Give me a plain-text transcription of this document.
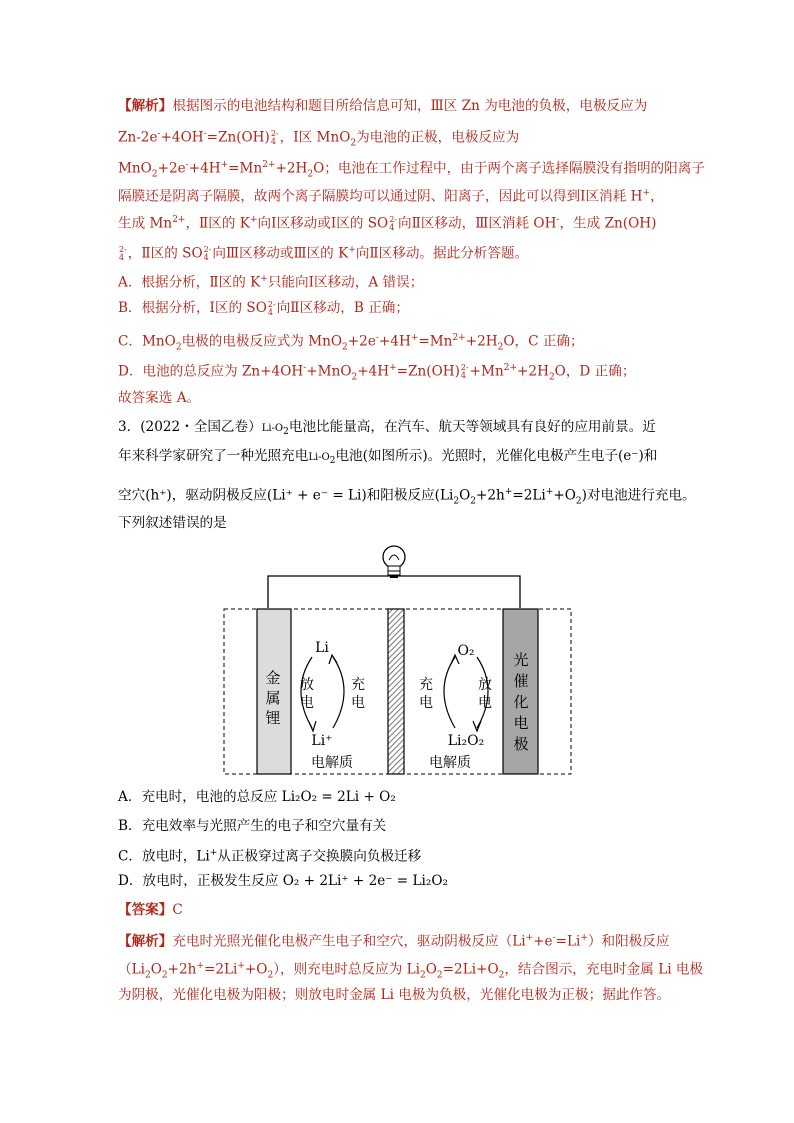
【解析】根据图示的电池结构和题目所给信息可知，Ⅲ区 Zn 为电池的负极，电极反应为
Zn-2e-+4OH-=Zn(OH) 2-
4 ，Ⅰ区 MnO$_2$为电池的正极，电极反应为
$MnO_2+2e^-+4H^+=Mn^{2+}+2H_2O$；电池在工作过程中，由于两个离子选择隔膜没有指明的阳离子
隔膜还是阴离子隔膜，故两个离子隔膜均可以通过阴、阳离子，因此可以得到Ⅰ区消耗 H+，
生成 $Mn^{2+}$，Ⅱ区的 K+向Ⅰ区移动或Ⅰ区的 SO 2-
4 向Ⅱ区移动，Ⅲ区消耗 OH-，生成 Zn(OH)
2-
4 ，Ⅱ区的 SO 2-
4 向Ⅲ区移动或Ⅲ区的 K+向Ⅱ区移动。据此分析答题。
A．根据分析，Ⅱ区的 K+只能向Ⅰ区移动，A 错误；
B．根据分析，Ⅰ区的 SO 2-
4 向Ⅱ区移动，B 正确；
C．MnO$_2$电极的电极反应式为 $MnO_2+2e^-+4H^+=Mn^{2+}+2H_2O$，C 正确；
D．电池的总反应为 Zn+4OH-+MnO$_2$+4H+=Zn(OH) 2-
$4 +Mn^{2+}+2H_2O$，D 正确；
故答案选 A。
3．(2022・全国乙卷）$Li-O_2$电池比能量高，在汽车、航天等领域具有良好的应用前景。近
年来科学家研究了一种光照充电$Li-O_2$电池(如图所示)。光照时，光催化电极产生电子(e⁻)和
空穴(h⁺)，驱动阴极反应(Li⁺ + e⁻ = Li)和阳极反应$(Li_2O_2+2h^+=2Li^++O_2)$对电池进行充电。
下列叙述错误的是
金
属
锂
光
催
化
电
极
Li
Li⁺
放
电
充
电
O₂
Li₂O₂
充
电
放
电
电解质	电解质
A．充电时，电池的总反应 Li₂O₂ = 2Li + O₂
B．充电效率与光照产生的电子和空穴量有关
C．放电时，Li+从正极穿过离子交换膜向负极迁移
D．放电时，正极发生反应 O₂ + 2Li⁺ + 2e⁻ = Li₂O₂
【答案】C
【解析】充电时光照光催化电极产生电子和空穴，驱动阴极反应（Li++e-=Li+）和阳极反应
$(Li_2O_2+2h^+=2Li^++O_2)$，则充电时总反应为 $Li_2O_2=2Li+O_2$，结合图示，充电时金属 Li 电极
为阴极，光催化电极为阳极；则放电时金属 Li 电极为负极，光催化电极为正极；据此作答。
